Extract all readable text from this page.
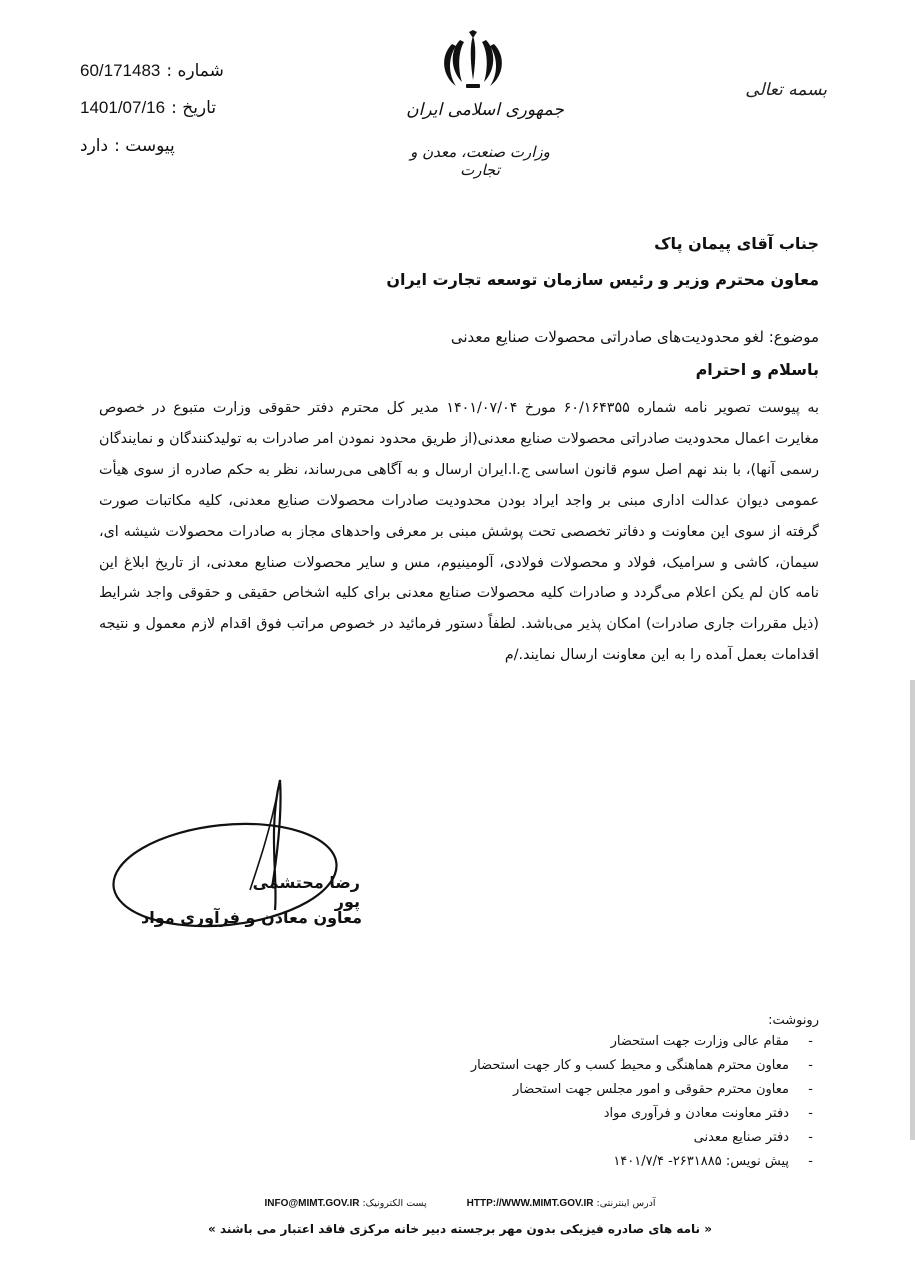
بسمه تعالی
جمهوری اسلامی ایران
وزارت صنعت، معدن و تجارت
شماره :
60/171483
تاریخ :
1401/07/16
پیوست :
دارد
جناب آقای پیمان پاک
معاون محترم وزیر و رئیس سازمان توسعه تجارت ایران
موضوع: لغو محدودیت‌های صادراتی محصولات صنایع معدنی
باسلام و احترام
به پیوست تصویر نامه شماره ۶۰/۱۶۴۳۵۵ مورخ ۱۴۰۱/۰۷/۰۴ مدیر کل محترم دفتر حقوقی وزارت متبوع در خصوص مغایرت اعمال محدودیت صادراتی محصولات صنایع معدنی(از طریق محدود نمودن امر صادرات به تولیدکنندگان و نمایندگان رسمی آنها)، با بند نهم اصل سوم قانون اساسی ج.ا.ایران ارسال و به آگاهی می‌رساند، نظر به حکم صادره از سوی هیأت عمومی دیوان عدالت اداری مبنی بر واجد ایراد بودن محدودیت صادرات محصولات صنایع معدنی، کلیه مکاتبات صورت گرفته از سوی این معاونت و دفاتر تخصصی تحت پوشش مبنی بر معرفی واحدهای مجاز به صادرات محصولات شیشه ای، سیمان، کاشی و سرامیک، فولاد و محصولات فولادی، آلومینیوم، مس و سایر محصولات صنایع معدنی، از تاریخ ابلاغ این نامه کان لم یکن اعلام می‌گردد و صادرات کلیه محصولات صنایع معدنی برای کلیه اشخاص حقیقی و حقوقی واجد شرایط (ذیل مقررات جاری صادرات) امکان پذیر می‌باشد. لطفاً دستور فرمائید در خصوص مراتب فوق اقدام لازم معمول و نتیجه اقدامات بعمل آمده را به این معاونت ارسال نمایند./م
رضا محتشمی پور
معاون معادن و فرآوری مواد
رونوشت:
- مقام عالی وزارت جهت استحضار
- معاون محترم هماهنگی و محیط کسب و کار جهت استحضار
- معاون محترم حقوقی و امور مجلس جهت استحضار
- دفتر معاونت معادن و فرآوری مواد
- دفتر صنایع معدنی
- پیش نویس: ۲۶۳۱۸۸۵- ۱۴۰۱/۷/۴
آدرس اینترنتی: HTTP://WWW.MIMT.GOV.IR
پست الکترونیک: INFO@MIMT.GOV.IR
« نامه های صادره فیزیکی بدون مهر برجسته دبیر خانه مرکزی فاقد اعتبار می باشند »
